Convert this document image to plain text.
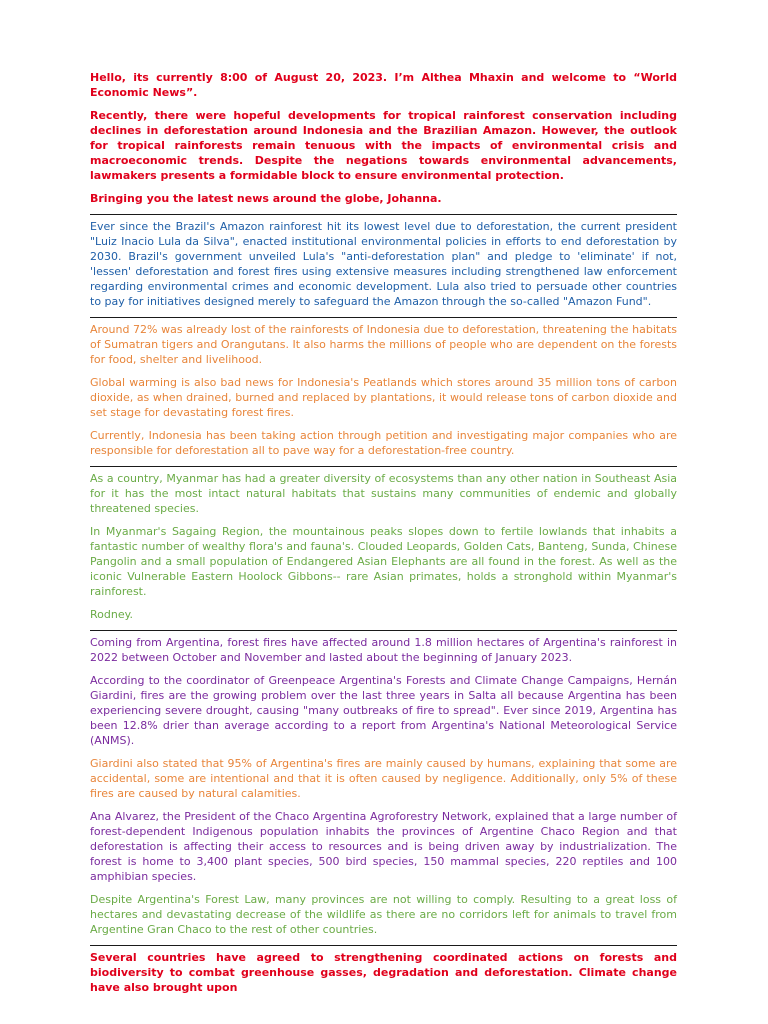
Hello, its currently 8:00 of August 20, 2023. I’m Althea Mhaxin and welcome to “World Economic News”.

Recently, there were hopeful developments for tropical rainforest conservation including declines in deforestation around Indonesia and the Brazilian Amazon. However, the outlook for tropical rainforests remain tenuous with the impacts of environmental crisis and macroeconomic trends. Despite the negations towards environmental advancements, lawmakers presents a formidable block to ensure environmental protection.

Bringing you the latest news around the globe, Johanna.

Ever since the Brazil's Amazon rainforest hit its lowest level due to deforestation, the current president "Luiz Inacio Lula da Silva", enacted institutional environmental policies in efforts to end deforestation by 2030. Brazil's government unveiled Lula's "anti-deforestation plan" and pledge to 'eliminate' if not, 'lessen' deforestation and forest fires using extensive measures including strengthened law enforcement regarding environmental crimes and economic development. Lula also tried to persuade other countries to pay for initiatives designed merely to safeguard the Amazon through the so-called "Amazon Fund".

Around 72% was already lost of the rainforests of Indonesia due to deforestation, threatening the habitats of Sumatran tigers and Orangutans. It also harms the millions of people who are dependent on the forests for food, shelter and livelihood.

Global warming is also bad news for Indonesia's Peatlands which stores around 35 million tons of carbon dioxide, as when drained, burned and replaced by plantations, it would release tons of carbon dioxide and set stage for devastating forest fires.

Currently, Indonesia has been taking action through petition and investigating major companies who are responsible for deforestation all to pave way for a deforestation-free country.

As a country, Myanmar has had a greater diversity of ecosystems than any other nation in Southeast Asia for it has the most intact natural habitats that sustains many communities of endemic and globally threatened species.

In Myanmar's Sagaing Region, the mountainous peaks slopes down to fertile lowlands that inhabits a fantastic number of wealthy flora's and fauna's. Clouded Leopards, Golden Cats, Banteng, Sunda, Chinese Pangolin and a small population of Endangered Asian Elephants are all found in the forest. As well as the iconic Vulnerable Eastern Hoolock Gibbons-- rare Asian primates, holds a stronghold within Myanmar's rainforest.

Rodney.

Coming from Argentina, forest fires have affected around 1.8 million hectares of Argentina's rainforest in 2022 between October and November and lasted about the beginning of January 2023.

According to the coordinator of Greenpeace Argentina's Forests and Climate Change Campaigns, Hernán Giardini, fires are the growing problem over the last three years in Salta all because Argentina has been experiencing severe drought, causing "many outbreaks of fire to spread". Ever since 2019, Argentina has been 12.8% drier than average according to a report from Argentina's National Meteorological Service (ANMS).

Giardini also stated that 95% of Argentina's fires are mainly caused by humans, explaining that some are accidental, some are intentional and that it is often caused by negligence. Additionally, only 5% of these fires are caused by natural calamities.

Ana Alvarez, the President of the Chaco Argentina Agroforestry Network, explained that a large number of forest-dependent Indigenous population inhabits the provinces of Argentine Chaco Region and that deforestation is affecting their access to resources and is being driven away by industrialization. The forest is home to 3,400 plant species, 500 bird species, 150 mammal species, 220 reptiles and 100 amphibian species.

Despite Argentina's Forest Law, many provinces are not willing to comply. Resulting to a great loss of hectares and devastating decrease of the wildlife as there are no corridors left for animals to travel from Argentine Gran Chaco to the rest of other countries.

Several countries have agreed to strengthening coordinated actions on forests and biodiversity to combat greenhouse gasses, degradation and deforestation. Climate change have also brought upon
